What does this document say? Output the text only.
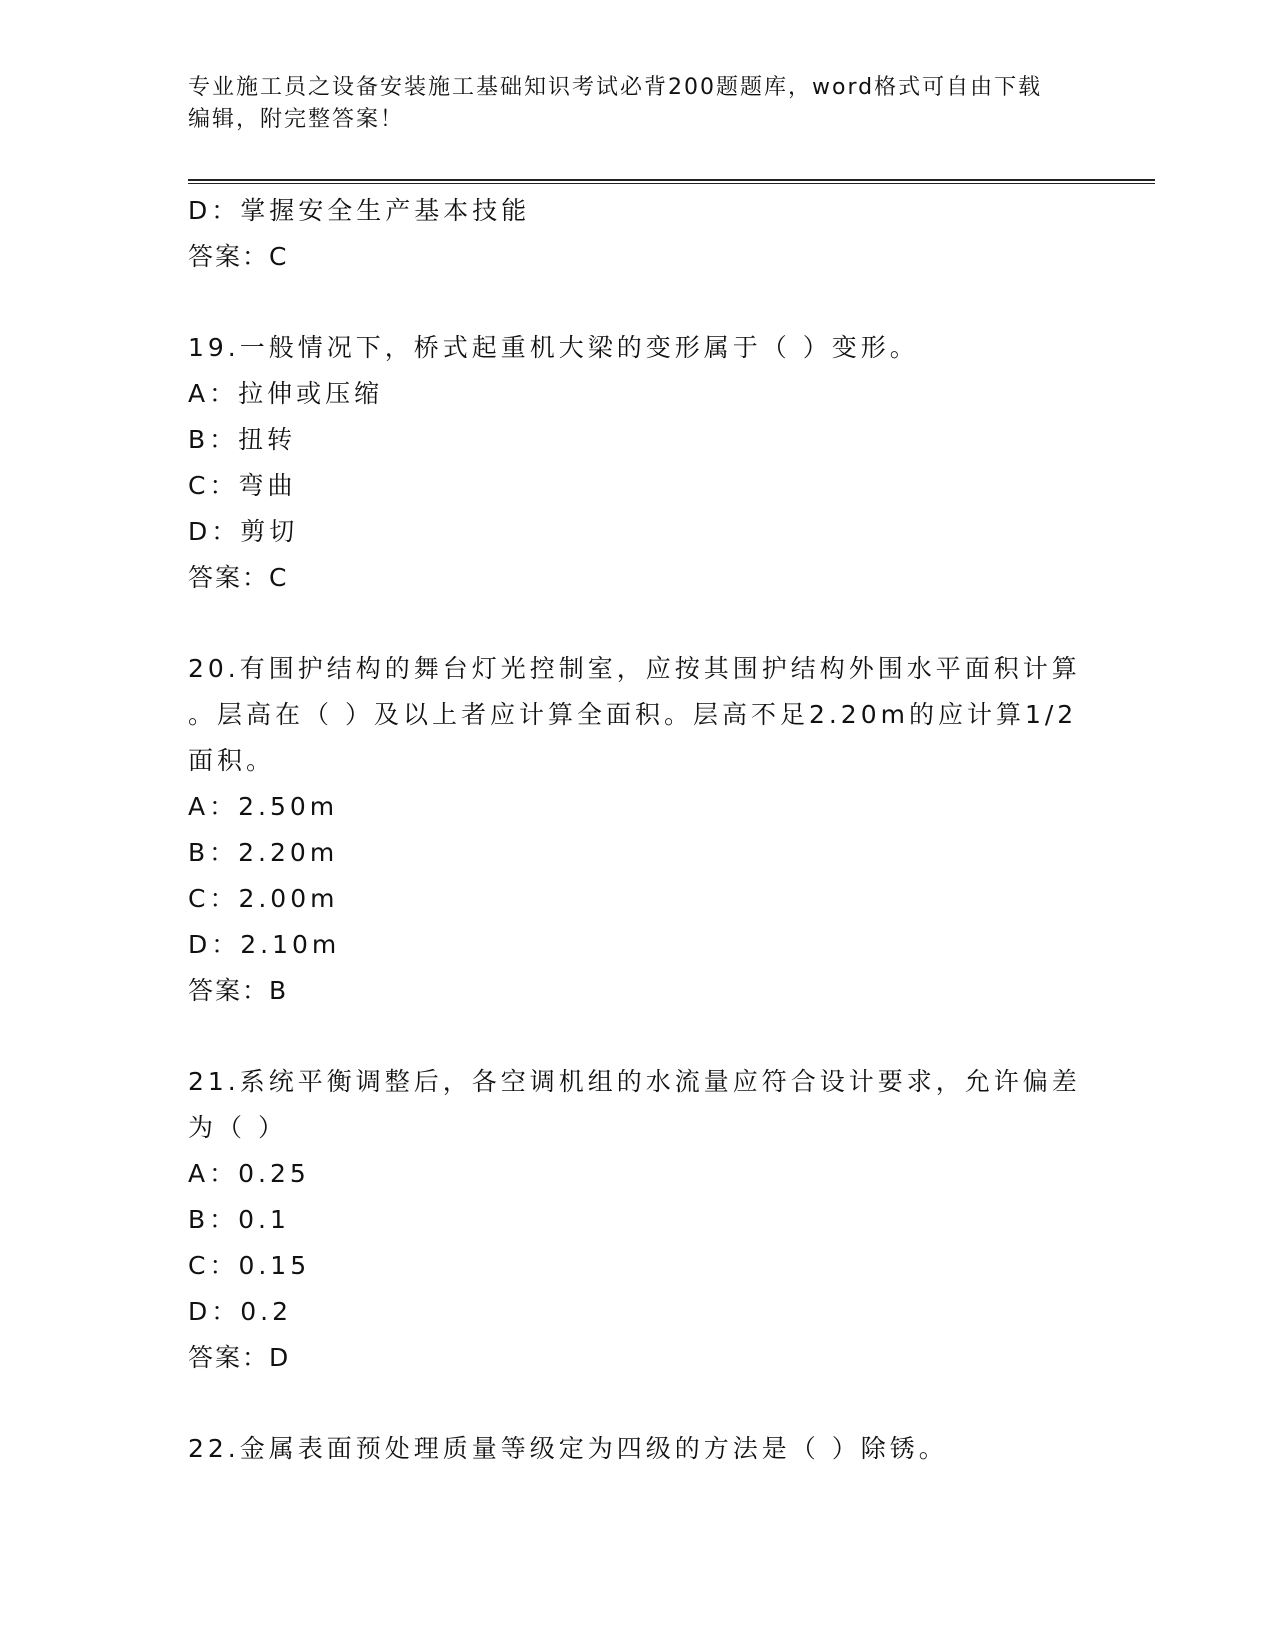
专业施工员之设备安装施工基础知识考试必背200题题库，word格式可自由下载
编辑，附完整答案！
D：掌握安全生产基本技能
答案：C
19.一般情况下，桥式起重机大梁的变形属于（ ）变形。
A：拉伸或压缩
B：扭转
C：弯曲
D：剪切
答案：C
20.有围护结构的舞台灯光控制室，应按其围护结构外围水平面积计算
。层高在（ ）及以上者应计算全面积。层高不足2.20m的应计算1/2
面积。
A：2.50m
B：2.20m
C：2.00m
D：2.10m
答案：B
21.系统平衡调整后，各空调机组的水流量应符合设计要求，允许偏差
为（ ）
A：0.25
B：0.1
C：0.15
D：0.2
答案：D
22.金属表面预处理质量等级定为四级的方法是（ ）除锈。
